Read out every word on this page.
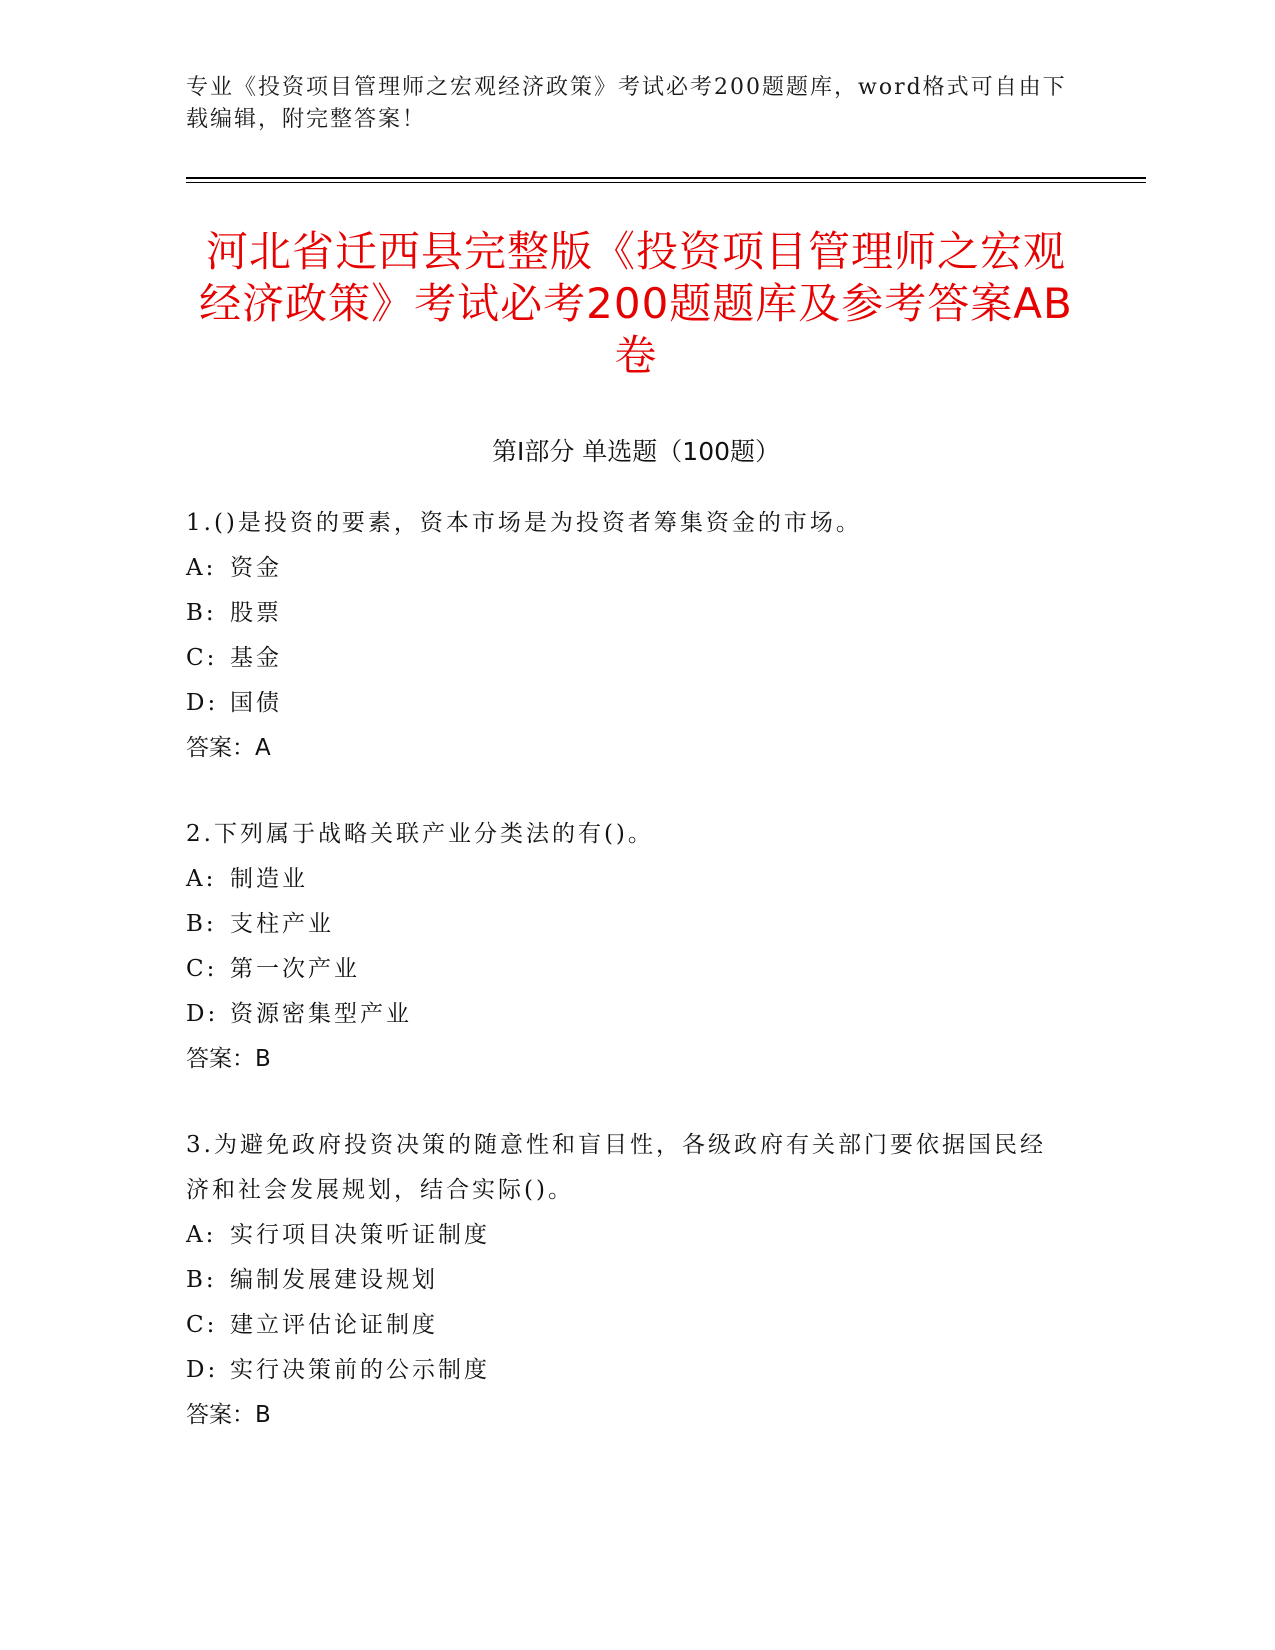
专业《投资项目管理师之宏观经济政策》考试必考200题题库，word格式可自由下载编辑，附完整答案！
河北省迁西县完整版《投资项目管理师之宏观经济政策》考试必考200题题库及参考答案AB卷
第Ⅰ部分 单选题（100题）

1.()是投资的要素，资本市场是为投资者筹集资金的市场。

A: 资金

B: 股票

C: 基金

D: 国债

答案：A

2.下列属于战略关联产业分类法的有()。

A: 制造业

B: 支柱产业

C: 第一次产业

D: 资源密集型产业

答案：B

3.为避免政府投资决策的随意性和盲目性，各级政府有关部门要依据国民经济和社会发展规划，结合实际()。

A: 实行项目决策听证制度

B: 编制发展建设规划

C: 建立评估论证制度

D: 实行决策前的公示制度

答案：B
